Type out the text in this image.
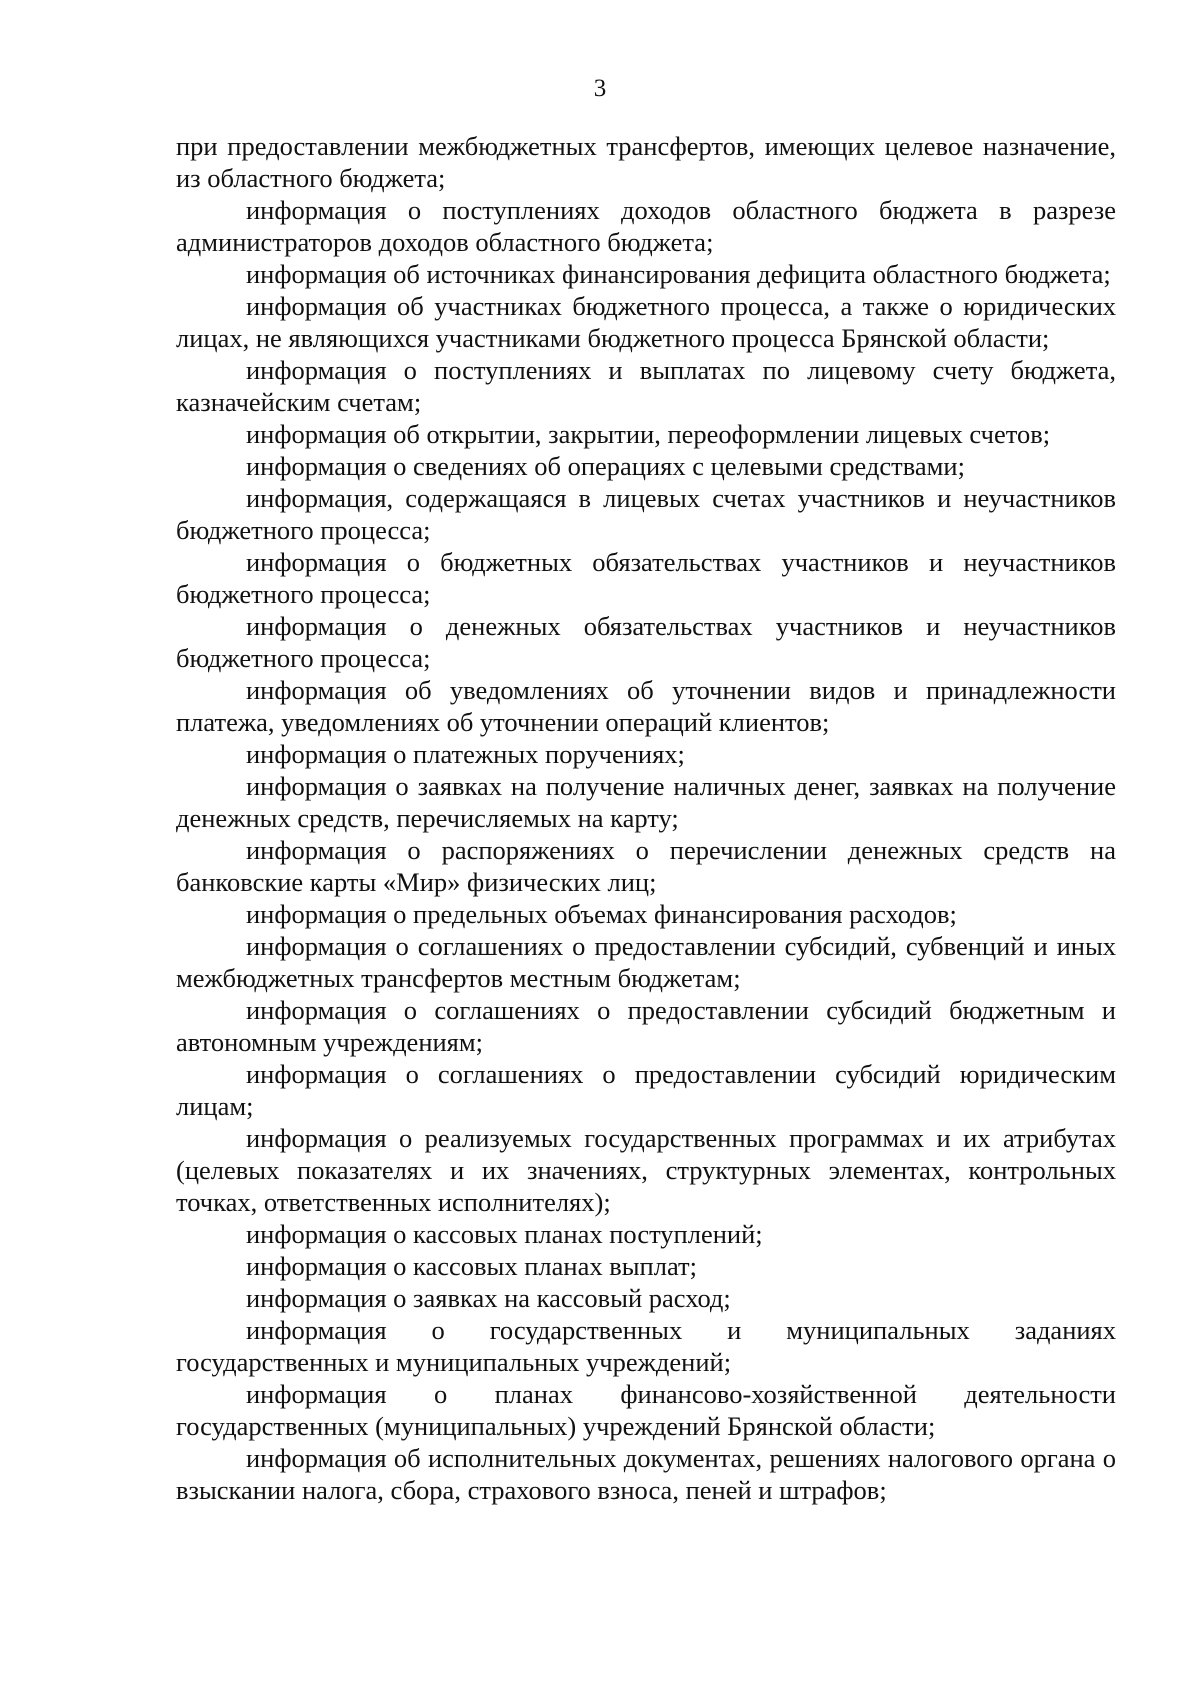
3

при предоставлении межбюджетных трансфертов, имеющих целевое назначение, из областного бюджета;

информация о поступлениях доходов областного бюджета в разрезе администраторов доходов областного бюджета;

информация об источниках финансирования дефицита областного бюджета;

информация об участниках бюджетного процесса, а также о юридических лицах, не являющихся участниками бюджетного процесса Брянской области;

информация о поступлениях и выплатах по лицевому счету бюджета, казначейским счетам;

информация об открытии, закрытии, переоформлении лицевых счетов;

информация о сведениях об операциях с целевыми средствами;

информация, содержащаяся в лицевых счетах участников и неучастников бюджетного процесса;

информация о бюджетных обязательствах участников и неучастников бюджетного процесса;

информация о денежных обязательствах участников и неучастников бюджетного процесса;

информация об уведомлениях об уточнении видов и принадлежности платежа, уведомлениях об уточнении операций клиентов;

информация о платежных поручениях;

информация о заявках на получение наличных денег, заявках на получение денежных средств, перечисляемых на карту;

информация о распоряжениях о перечислении денежных средств на банковские карты «Мир» физических лиц;

информация о предельных объемах финансирования расходов;

информация о соглашениях о предоставлении субсидий, субвенций и иных межбюджетных трансфертов местным бюджетам;

информация о соглашениях о предоставлении субсидий бюджетным и автономным учреждениям;

информация о соглашениях о предоставлении субсидий юридическим лицам;

информация о реализуемых государственных программах и их атрибутах (целевых показателях и их значениях, структурных элементах, контрольных точках, ответственных исполнителях);

информация о кассовых планах поступлений;

информация о кассовых планах выплат;

информация о заявках на кассовый расход;

информация о государственных и муниципальных заданиях государственных и муниципальных учреждений;

информация о планах финансово-хозяйственной деятельности государственных (муниципальных) учреждений Брянской области;

информация об исполнительных документах, решениях налогового органа о взыскании налога, сбора, страхового взноса, пеней и штрафов;
